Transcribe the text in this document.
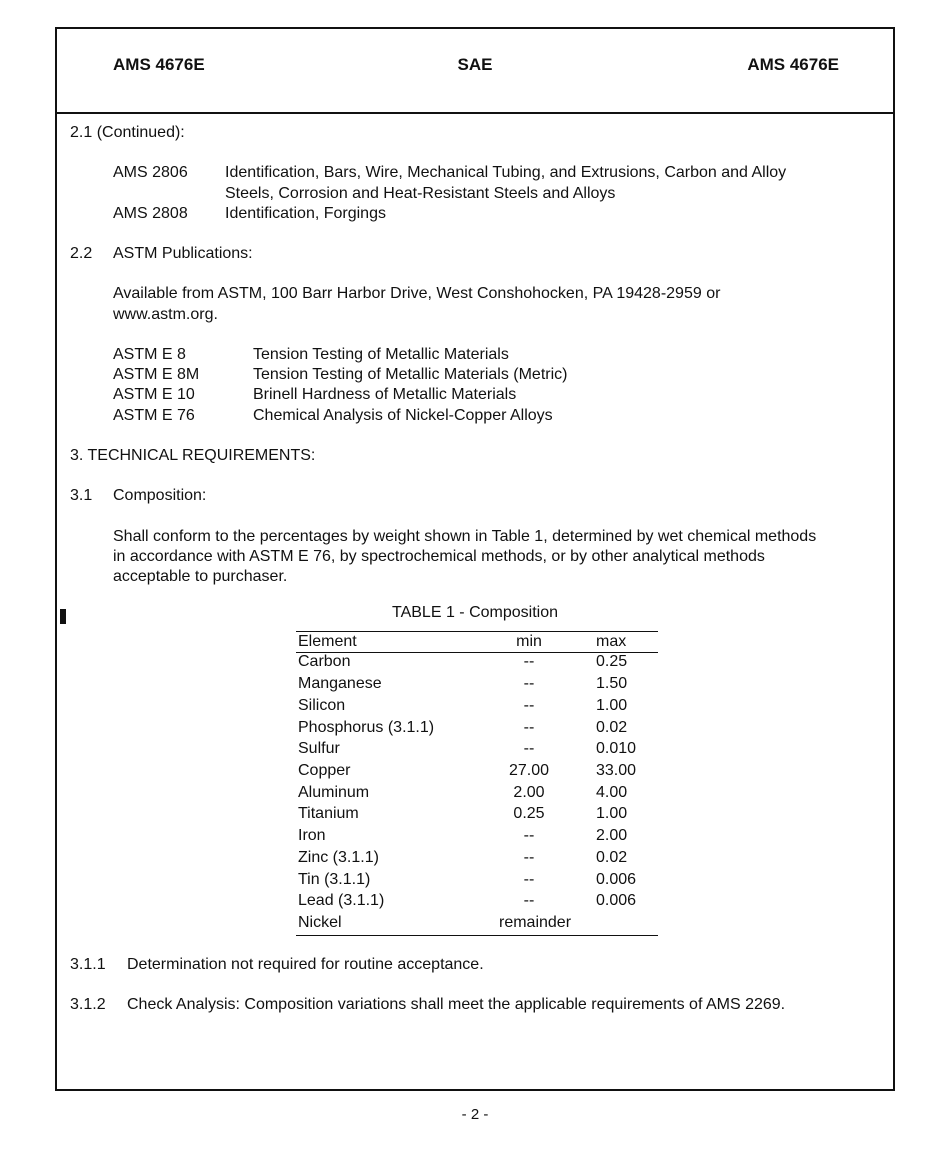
AMS 4676E	SAE	AMS 4676E
2.1 (Continued):
AMS 2806 Identification, Bars, Wire, Mechanical Tubing, and Extrusions, Carbon and Alloy
Steels, Corrosion and Heat-Resistant Steels and Alloys
AMS 2808 Identification, Forgings
2.2 ASTM Publications:
Available from ASTM, 100 Barr Harbor Drive, West Conshohocken, PA 19428-2959 or
www.astm.org.
ASTM E 8	Tension Testing of Metallic Materials
ASTM E 8M	Tension Testing of Metallic Materials (Metric)
ASTM E 10	Brinell Hardness of Metallic Materials
ASTM E 76	Chemical Analysis of Nickel-Copper Alloys
3. TECHNICAL REQUIREMENTS:
3.1 Composition:
Shall conform to the percentages by weight shown in Table 1, determined by wet chemical methods
in accordance with ASTM E 76, by spectrochemical methods, or by other analytical methods
acceptable to purchaser.
TABLE 1 - Composition
Element	min	max
Carbon	--	0.25
Manganese	--	1.50
Silicon	--	1.00
Phosphorus (3.1.1)	--	0.02
Sulfur	--	0.010
Copper	27.00	33.00
Aluminum	2.00	4.00
Titanium	0.25	1.00
Iron	--	2.00
Zinc (3.1.1)	--	0.02
Tin (3.1.1)	--	0.006
Lead (3.1.1)	--	0.006
Nickel	remainder
3.1.1 Determination not required for routine acceptance.
3.1.2 Check Analysis: Composition variations shall meet the applicable requirements of AMS 2269.
- 2 -
